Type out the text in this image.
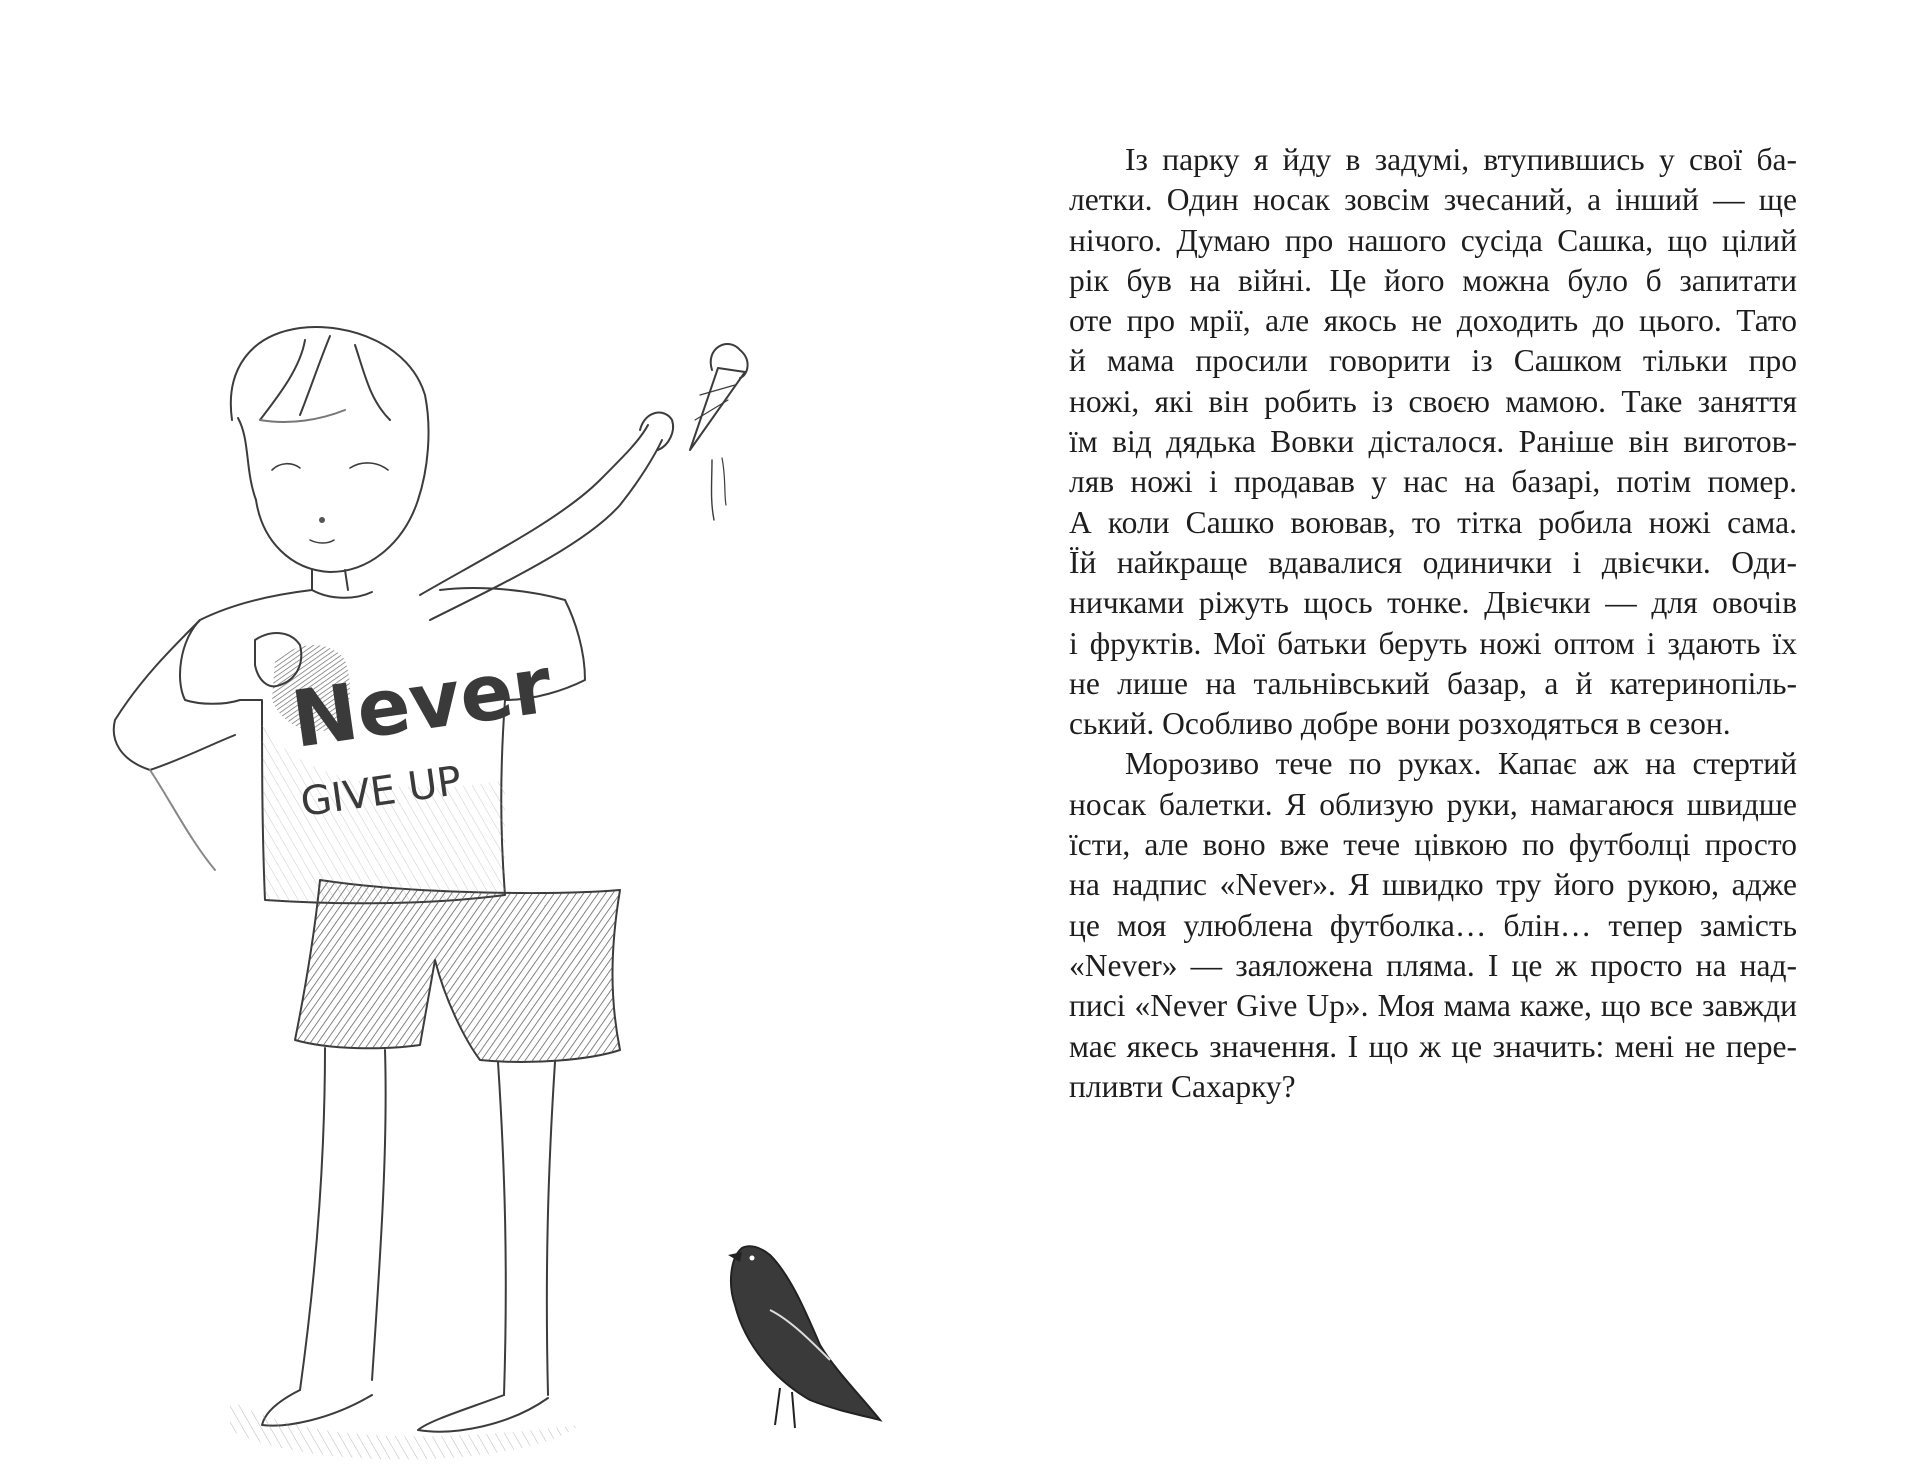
Never
GIVE UP

Із парку я йду в задумі, втупившись у свої ба-
летки. Один носак зовсім зчесаний, а інший — ще
нічого. Думаю про нашого сусіда Сашка, що цілий
рік був на війні. Це його можна було б запитати
оте про мрії, але якось не доходить до цього. Тато
й мама просили говорити із Сашком тільки про
ножі, які він робить із своєю мамою. Таке заняття
їм від дядька Вовки дісталося. Раніше він виготов-
ляв ножі і продавав у нас на базарі, потім помер.
А коли Сашко воював, то тітка робила ножі сама.
Їй найкраще вдавалися одинички і двієчки. Оди-
ничками ріжуть щось тонке. Двієчки — для овочів
і фруктів. Мої батьки беруть ножі оптом і здають їх
не лише на тальнівський базар, а й катеринопіль-
ський. Особливо добре вони розходяться в сезон.

Морозиво тече по руках. Капає аж на стертий
носак балетки. Я облизую руки, намагаюся швидше
їсти, але воно вже тече цівкою по футболці просто
на надпис «Never». Я швидко тру його рукою, адже
це моя улюблена футболка… блін… тепер замість
«Never» — заяложена пляма. І це ж просто на над-
писі «Never Give Up». Моя мама каже, що все завжди
має якесь значення. І що ж це значить: мені не пере-
пливти Сахарку?
